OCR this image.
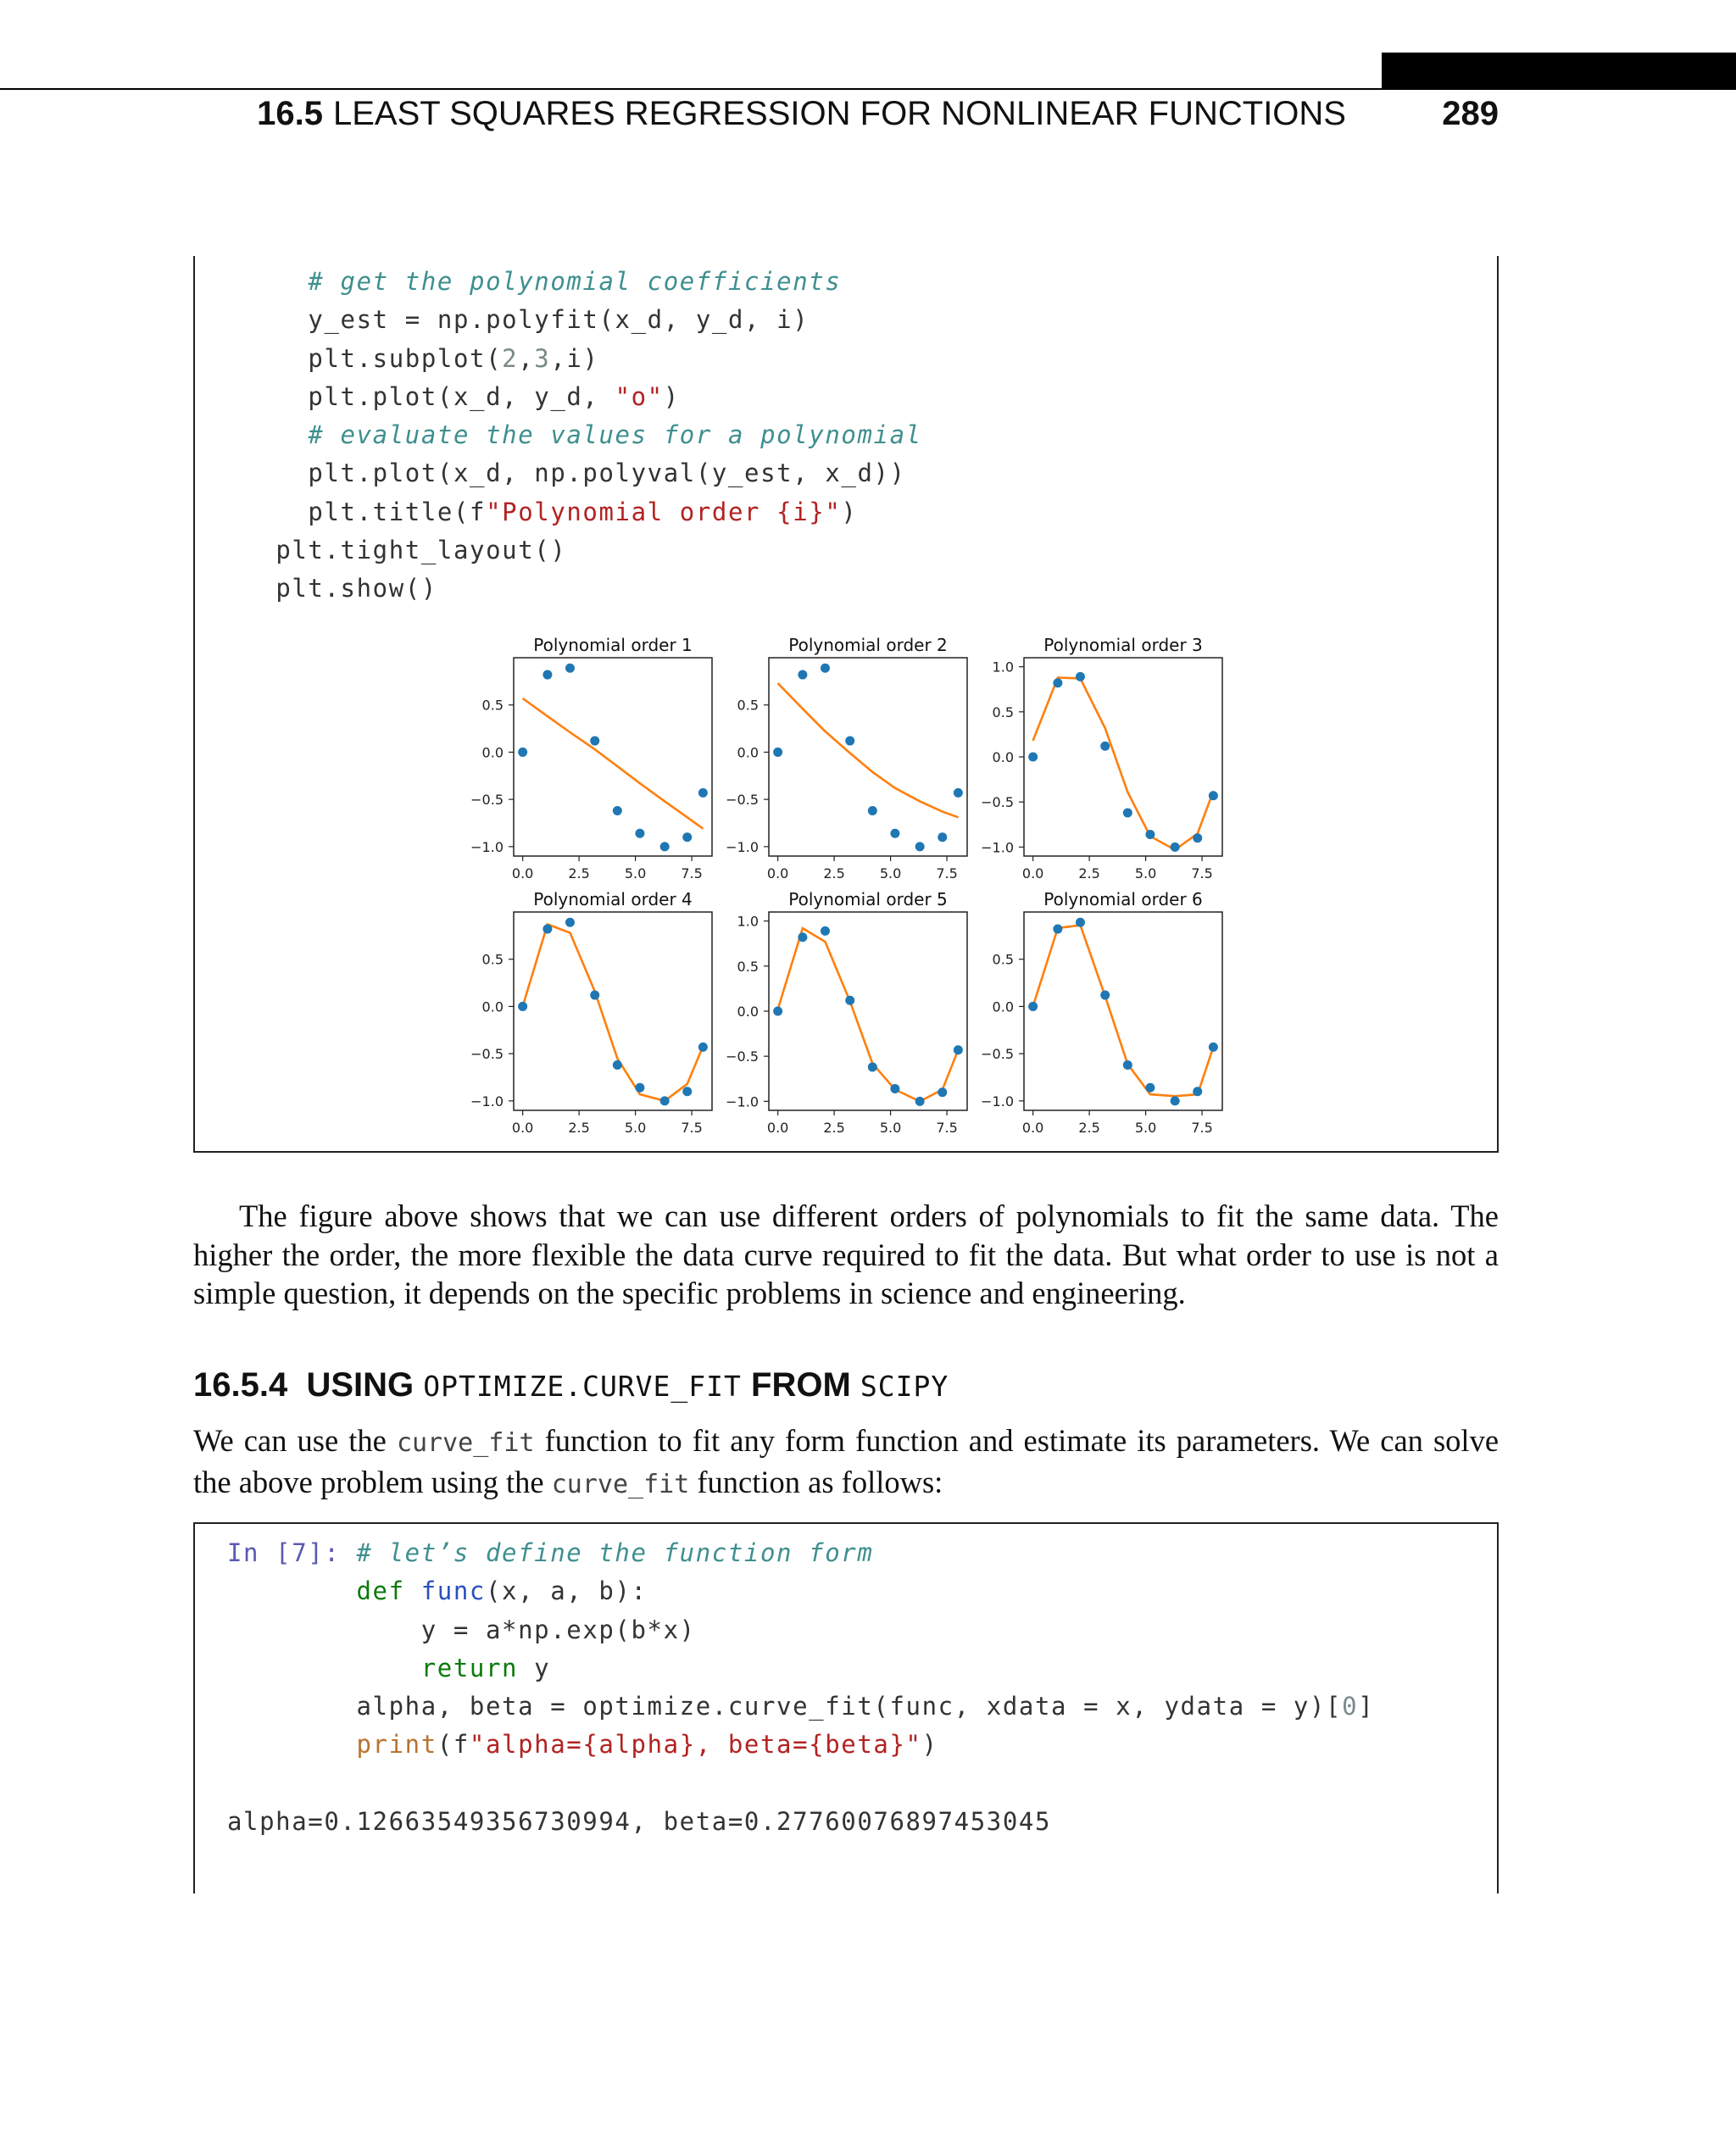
16.5 LEAST SQUARES REGRESSION FOR NONLINEAR FUNCTIONS	289
# get the polynomial coefficients
y_est = np.polyfit(x_d, y_d, i)
plt.subplot(2,3,i)
plt.plot(x_d, y_d, "o")
# evaluate the values for a polynomial
plt.plot(x_d, np.polyval(y_est, x_d))
plt.title(f"Polynomial order {i}")
plt.tight_layout()
plt.show()
Polynomial order 1
0.0	2.5	5.0	7.5
0.5
0.0
−0.5
−1.0
Polynomial order 2
0.0	2.5	5.0	7.5
0.5
0.0
−0.5
−1.0
Polynomial order 3
0.0	2.5	5.0	7.5
1.0
0.5
0.0
−0.5
−1.0
Polynomial order 4
0.0	2.5	5.0	7.5
0.5
0.0
−0.5
−1.0
Polynomial order 5
0.0	2.5	5.0	7.5
1.0
0.5
0.0
−0.5
−1.0
Polynomial order 6
0.0	2.5	5.0	7.5
0.5
0.0
−0.5
−1.0

The figure above shows that we can use different orders of polynomials to fit the same data. The higher the order, the more flexible the data curve required to fit the data. But what order to use is not a simple question, it depends on the specific problems in science and engineering.

16.5.4 USING OPTIMIZE.CURVE_FIT FROM SCIPY

We can use the curve_fit function to fit any form function and estimate its parameters. We can solve the above problem using the curve_fit function as follows:

In [7]: # let’s define the function form
def func(x, a, b):
y = a*np.exp(b*x)
return y
alpha, beta = optimize.curve_fit(func, xdata = x, ydata = y)[0]
print(f"alpha={alpha}, beta={beta}")

alpha=0.12663549356730994, beta=0.27760076897453045
